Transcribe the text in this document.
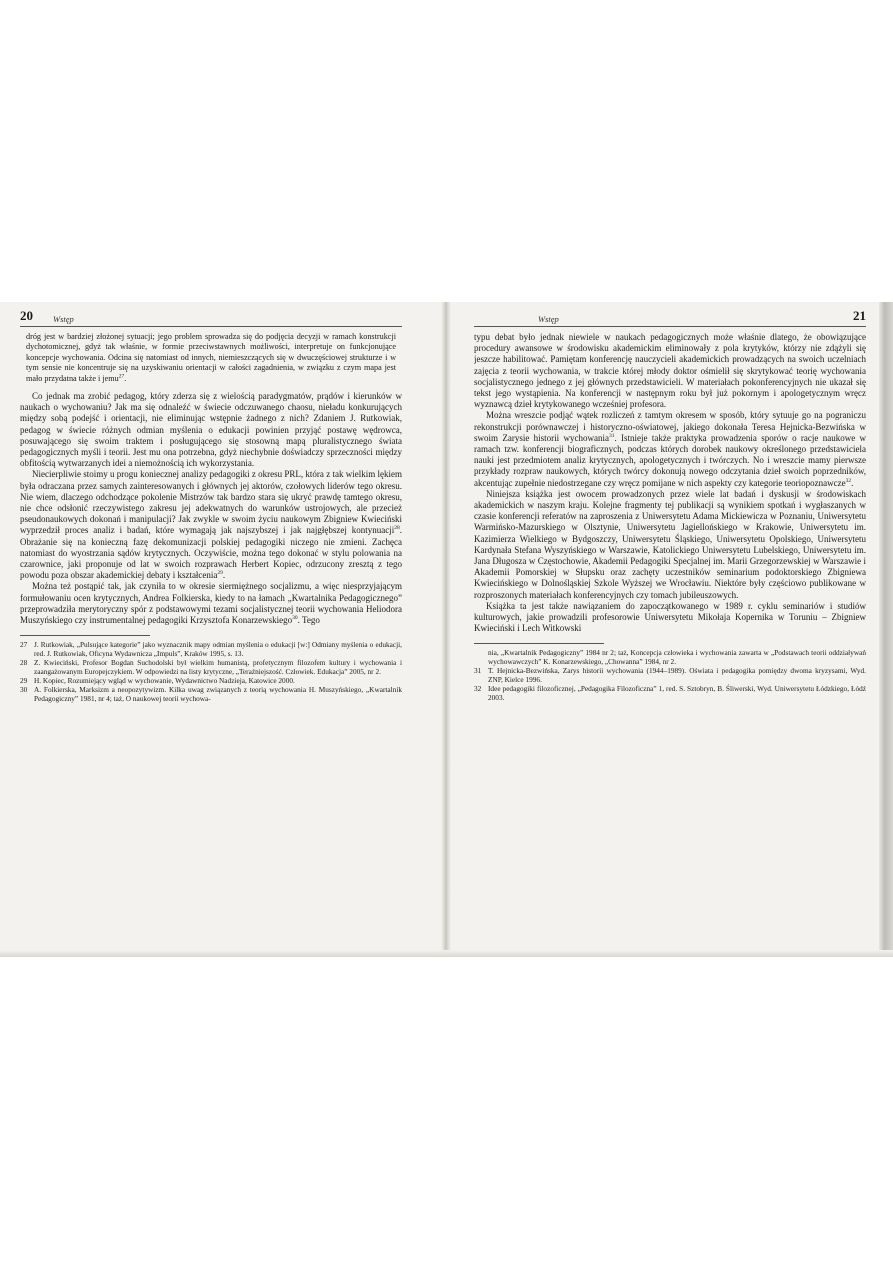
20 Wstęp

dróg jest w bardziej złożonej sytuacji; jego problem sprowadza się do podjęcia decyzji w ramach konstrukcji dychotomicznej, gdyż tak właśnie, w formie przeciwstawnych możliwości, interpretuje on funkcjonujące koncepcje wychowania. Odcina się natomiast od innych, niemieszczących się w dwuczęściowej strukturze i w tym sensie nie koncentruje się na uzyskiwaniu orientacji w całości zagadnienia, w związku z czym mapa jest mało przydatna także i jemu$^{27}$.

Co jednak ma zrobić pedagog, który zderza się z wielością paradygmatów, prądów i kierunków w naukach o wychowaniu? Jak ma się odnaleźć w świecie odczuwanego chaosu, nieładu konkurujących między sobą podejść i orientacji, nie eliminując wstępnie żadnego z nich? Zdaniem J. Rutkowiak, pedagog w świecie różnych odmian myślenia o edukacji powinien przyjąć postawę wędrowca, posuwającego się swoim traktem i posługującego się stosowną mapą pluralistycznego świata pedagogicznych myśli i teorii. Jest mu ona potrzebna, gdyż niechybnie doświadczy sprzeczności między obfitością wytwarzanych idei a niemożnością ich wykorzystania.

Niecierpliwie stoimy u progu koniecznej analizy pedagogiki z okresu PRL, która z tak wielkim lękiem była odraczana przez samych zainteresowanych i głównych jej aktorów, czołowych liderów tego okresu. Nie wiem, dlaczego odchodzące pokolenie Mistrzów tak bardzo stara się ukryć prawdę tamtego okresu, nie chce odsłonić rzeczywistego zakresu jej adekwatnych do warunków ustrojowych, ale przecież pseudonaukowych dokonań i manipulacji? Jak zwykle w swoim życiu naukowym Zbigniew Kwieciński wyprzedził proces analiz i badań, które wymagają jak najszybszej i jak najgłębszej kontynuacji$^{28}$. Obrażanie się na konieczną fazę dekomunizacji polskiej pedagogiki niczego nie zmieni. Zachęca natomiast do wyostrzania sądów krytycznych. Oczywiście, można tego dokonać w stylu polowania na czarownice, jaki proponuje od lat w swoich rozprawach Herbert Kopiec, odrzucony zresztą z tego powodu poza obszar akademickiej debaty i kształcenia$^{29}$.

Można też postąpić tak, jak czyniła to w okresie siermiężnego socjalizmu, a więc niesprzyjającym formułowaniu ocen krytycznych, Andrea Folkierska, kiedy to na łamach „Kwartalnika Pedagogicznego” przeprowadziła merytoryczny spór z podstawowymi tezami socjalistycznej teorii wychowania Heliodora Muszyńskiego czy instrumentalnej pedagogiki Krzysztofa Konarzewskiego$^{30}$. Tego

27 J. Rutkowiak, „Pulsujące kategorie” jako wyznacznik mapy odmian myślenia o edukacji [w:] Odmiany myślenia o edukacji, red. J. Rutkowiak, Oficyna Wydawnicza „Impuls”, Kraków 1995, s. 13.
28 Z. Kwieciński, Profesor Bogdan Suchodolski był wielkim humanistą, profetycznym filozofem kultury i wychowania i zaangażowanym Europejczykiem. W odpowiedzi na listy krytyczne, „Teraźniejszość. Człowiek. Edukacja” 2005, nr 2.
29 H. Kopiec, Rozumiejący wgląd w wychowanie, Wydawnictwo Nadzieja, Katowice 2000.
30 A. Folkierska, Marksizm a neopozytywizm. Kilka uwag związanych z teorią wychowania H. Muszyńskiego, „Kwartalnik Pedagogiczny” 1981, nr 4; taż, O naukowej teorii wychowa-
Wstęp	21

typu debat było jednak niewiele w naukach pedagogicznych może właśnie dlatego, że obowiązujące procedury awansowe w środowisku akademickim eliminowały z pola krytyków, którzy nie zdążyli się jeszcze habilitować. Pamiętam konferencję nauczycieli akademickich prowadzących na swoich uczelniach zajęcia z teorii wychowania, w trakcie której młody doktor ośmielił się skrytykować teorię wychowania socjalistycznego jednego z jej głównych przedstawicieli. W materiałach pokonferencyjnych nie ukazał się tekst jego wystąpienia. Na konferencji w następnym roku był już pokornym i apologetycznym wręcz wyznawcą dzieł krytykowanego wcześniej profesora.

Można wreszcie podjąć wątek rozliczeń z tamtym okresem w sposób, który sytuuje go na pograniczu rekonstrukcji porównawczej i historyczno-oświatowej, jakiego dokonała Teresa Hejnicka-Bezwińska w swoim Zarysie historii wychowania$^{31}$. Istnieje także praktyka prowadzenia sporów o racje naukowe w ramach tzw. konferencji biograficznych, podczas których dorobek naukowy określonego przedstawiciela nauki jest przedmiotem analiz krytycznych, apologetycznych i twórczych. No i wreszcie mamy pierwsze przykłady rozpraw naukowych, których twórcy dokonują nowego odczytania dzieł swoich poprzedników, akcentując zupełnie niedostrzegane czy wręcz pomijane w nich aspekty czy kategorie teoriopoznawcze$^{32}$.

Niniejsza książka jest owocem prowadzonych przez wiele lat badań i dyskusji w środowiskach akademickich w naszym kraju. Kolejne fragmenty tej publikacji są wynikiem spotkań i wygłaszanych w czasie konferencji referatów na zaproszenia z Uniwersytetu Adama Mickiewicza w Poznaniu, Uniwersytetu Warmińsko-Mazurskiego w Olsztynie, Uniwersytetu Jagiellońskiego w Krakowie, Uniwersytetu im. Kazimierza Wielkiego w Bydgoszczy, Uniwersytetu Śląskiego, Uniwersytetu Opolskiego, Uniwersytetu Kardynała Stefana Wyszyńskiego w Warszawie, Katolickiego Uniwersytetu Lubelskiego, Uniwersytetu im. Jana Długosza w Częstochowie, Akademii Pedagogiki Specjalnej im. Marii Grzegorzewskiej w Warszawie i Akademii Pomorskiej w Słupsku oraz zachęty uczestników seminarium podoktorskiego Zbigniewa Kwiecińskiego w Dolnośląskiej Szkole Wyższej we Wrocławiu. Niektóre były częściowo publikowane w rozproszonych materiałach konferencyjnych czy tomach jubileuszowych.

Książka ta jest także nawiązaniem do zapoczątkowanego w 1989 r. cyklu seminariów i studiów kulturowych, jakie prowadzili profesorowie Uniwersytetu Mikołaja Kopernika w Toruniu – Zbigniew Kwieciński i Lech Witkowski

nia, „Kwartalnik Pedagogiczny” 1984 nr 2; taż, Koncepcja człowieka i wychowania zawarta w „Podstawach teorii oddziaływań wychowawczych” K. Konarzewskiego, „Chowanna” 1984, nr 2.
31 T. Hejnicka-Bezwińska, Zarys historii wychowania (1944–1989). Oświata i pedagogika pomiędzy dwoma kryzysami, Wyd. ZNP, Kielce 1996.
32 Idee pedagogiki filozoficznej, „Pedagogika Filozoficzna” 1, red. S. Sztobryn, B. Śliwerski, Wyd. Uniwersytetu Łódzkiego, Łódź 2003.
